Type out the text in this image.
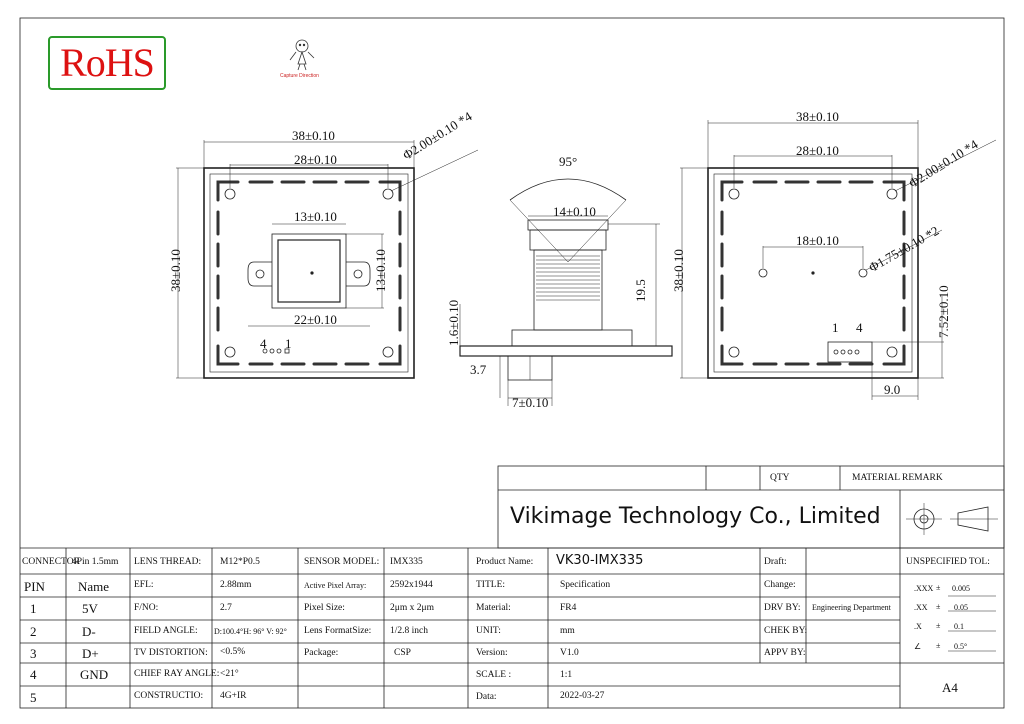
RoHS	Capture Direction
38±0.10
28±0.10	Φ2.00±0.10 *4
13±0.10
13±0.10
22±0.10
38±0.10
4 1
95°
14±0.10
19.5
1.6±0.10
3.7
7±0.10
38±0.10
28±0.10	Φ2.00±0.10 *4
18±0.10 Φ1.75±0.10 *2
38±0.10
7.52±0.10
9.0
1 4
QTY	MATERIAL REMARK
Vikimage Technology Co., Limited
CONNECTOR
4Pin 1.5mm
PIN	Name
1	5V
2	D-
3	D+
4	GND
5
LENS THREAD: M12*P0.5
EFL:	2.88mm
F/NO:	2.7
FIELD ANGLE: D:100.4°H: 96° V: 92°
TV DISTORTION: <0.5%
CHIEF RAY ANGLE: <21°
CONSTRUCTIO: 4G+IR
SENSOR MODEL: IMX335
Active Pixel Array:	2592x1944
Pixel Size:	2μm x 2μm
Lens FormatSize: 1/2.8 inch
Package:	CSP
Product Name: VK30-IMX335
TITLE:	Specification
Material:	FR4
UNIT:	mm
Version:	V1.0
SCALE :	1:1
Data:	2022-03-27
Draft:
Change:
DRV BY: Engineering Department
CHEK BY:
APPV BY:
UNSPECIFIED TOL:
.XXX ± 0.005
.XX ± 0.05
.X ± 0.1
∠ ± 0.5°
A4
